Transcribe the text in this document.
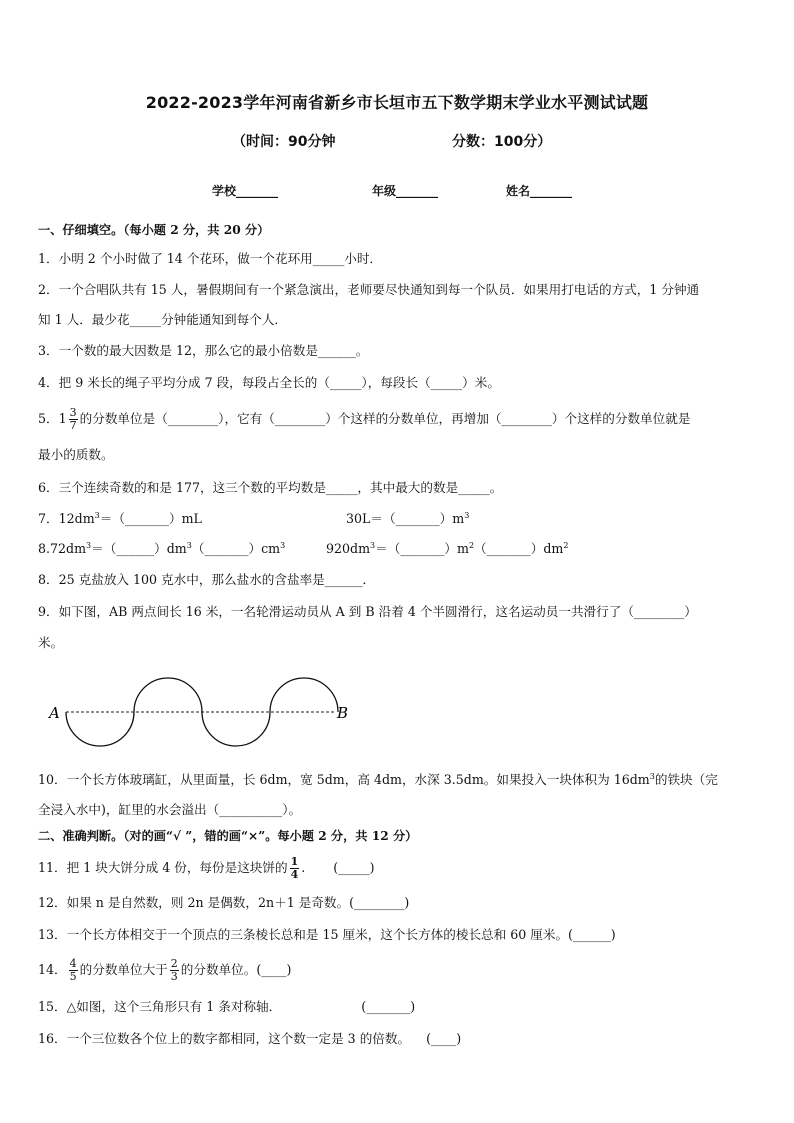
2022-2023学年河南省新乡市长垣市五下数学期末学业水平测试试题
（时间：90分钟	分数：100分）
学校_______	年级_______	姓名_______
一、仔细填空。（每小题 2 分，共 20 分）
1．小明 2 个小时做了 14 个花环，做一个花环用_____小时．
2．一个合唱队共有 15 人，暑假期间有一个紧急演出，老师要尽快通知到每一个队员．如果用打电话的方式，1 分钟通
知 1 人．最少花_____分钟能通知到每个人．
3．一个数的最大因数是 12，那么它的最小倍数是______。
4．把 9 米长的绳子平均分成 7 段，每段占全长的（_____），每段长（_____）米。
5．$1 \frac{3}{7}$ 的分数单位是（________），它有（________）个这样的分数单位，再增加（________）个这样的分数单位就是
最小的质数。
6．三个连续奇数的和是 177，这三个数的平均数是_____，其中最大的数是_____。
7．$12dm^3=(\_\_\_\_\_\_\_)mL$	$30L=(\_\_\_\_\_\_\_)m^3$
$8.72dm^3=(\_\_\_\_\_\_)dm^3(\_\_\_\_\_\_\_)cm^3$	$920dm^3=(\_\_\_\_\_\_\_)m^2(\_\_\_\_\_\_\_)dm^2$
8．25 克盐放入 100 克水中，那么盐水的含盐率是______．
9．如下图，AB 两点间长 16 米，一名轮滑运动员从 A 到 B 沿着 4 个半圆滑行，这名运动员一共滑行了（________）
米。
A	B
10．一个长方体玻璃缸，从里面量，长 6dm，宽 5dm，高 4dm，水深 3.5dm。如果投入一块体积为 $16dm^3$的铁块（完
全浸入水中)，缸里的水会溢出（__________）。
二、准确判断。（对的画“√ ”，错的画“×”。每小题 2 分，共 12 分）
11．把 1 块大饼分成 4 份，每份是这块饼的 $\frac{1}{4}$ .       (_____)
12．如果 n 是自然数，则 2n 是偶数，2n＋1 是奇数。(________)
13．一个长方体相交于一个顶点的三条棱长总和是 15 厘米，这个长方体的棱长总和 60 厘米。(______)
14． $\frac{4}{5}$ 的分数单位大于 $\frac{2}{3}$ 的分数单位。(____)
15．△如图，这个三角形只有 1 条对称轴．                    (_______)
16．一个三位数各个位上的数字都相同，这个数一定是 3 的倍数。    (____)
